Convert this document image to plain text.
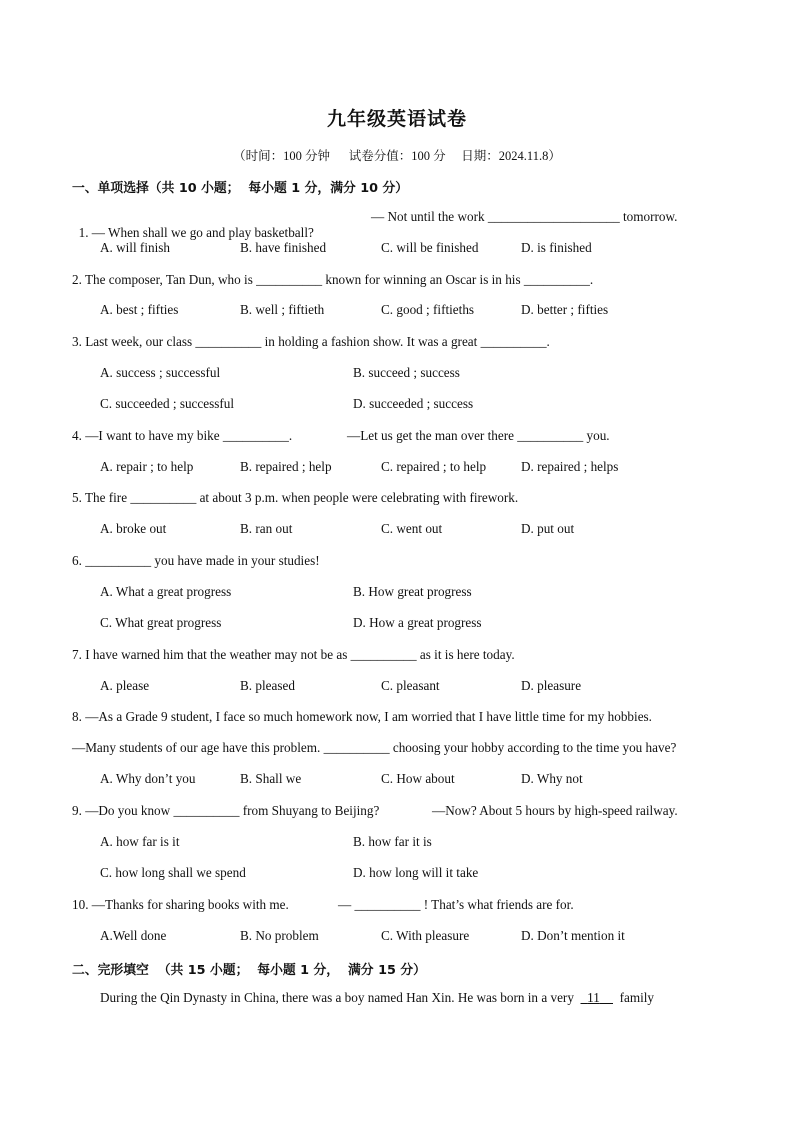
九年级英语试卷
（时间：100 分钟      试卷分值：100 分     日期：2024.11.8）
一、单项选择（共 10 小题；  每小题 1 分，满分 10 分）

1. — When shall we go and play basketball?

— Not until the work ____________________ tomorrow.
A. will finish	B. have finished	C. will be finished	D. is finished
2. The composer, Tan Dun, who is __________ known for winning an Oscar is in his __________.
A. best ; fifties	B. well ; fiftieth	C. good ; fiftieths	D. better ; fifties
3. Last week, our class __________ in holding a fashion show. It was a great __________.
A. success ; successful	B. succeed ; success
C. succeeded ; successful	D. succeeded ; success
4. —I want to have my bike __________.	—Let us get the man over there __________ you.
A. repair ; to help	B. repaired ; help	C. repaired ; to help	D. repaired ; helps
5. The fire __________ at about 3 p.m. when people were celebrating with firework.
A. broke out	B. ran out	C. went out	D. put out
6. __________ you have made in your studies!
A. What a great progress	B. How great progress
C. What great progress	D. How a great progress
7. I have warned him that the weather may not be as __________ as it is here today.
A. please	B. pleased	C. pleasant	D. pleasure
8. —As a Grade 9 student, I face so much homework now, I am worried that I have little time for my hobbies.
—Many students of our age have this problem. __________ choosing your hobby according to the time you have?
A. Why don’t you	B. Shall we	C. How about	D. Why not
9. —Do you know __________ from Shuyang to Beijing?	—Now? About 5 hours by high-speed railway.
A. how far is it	B. how far it is
C. how long shall we spend	D. how long will it take
10. —Thanks for sharing books with me.	— __________ ! That’s what friends are for.
A.Well done	B. No problem	C. With pleasure	D. Don’t mention it
二、完形填空  （共 15 小题；  每小题 1 分，  满分 15 分）
During the Qin Dynasty in China, there was a boy named Han Xin. He was born in a very 11 family
